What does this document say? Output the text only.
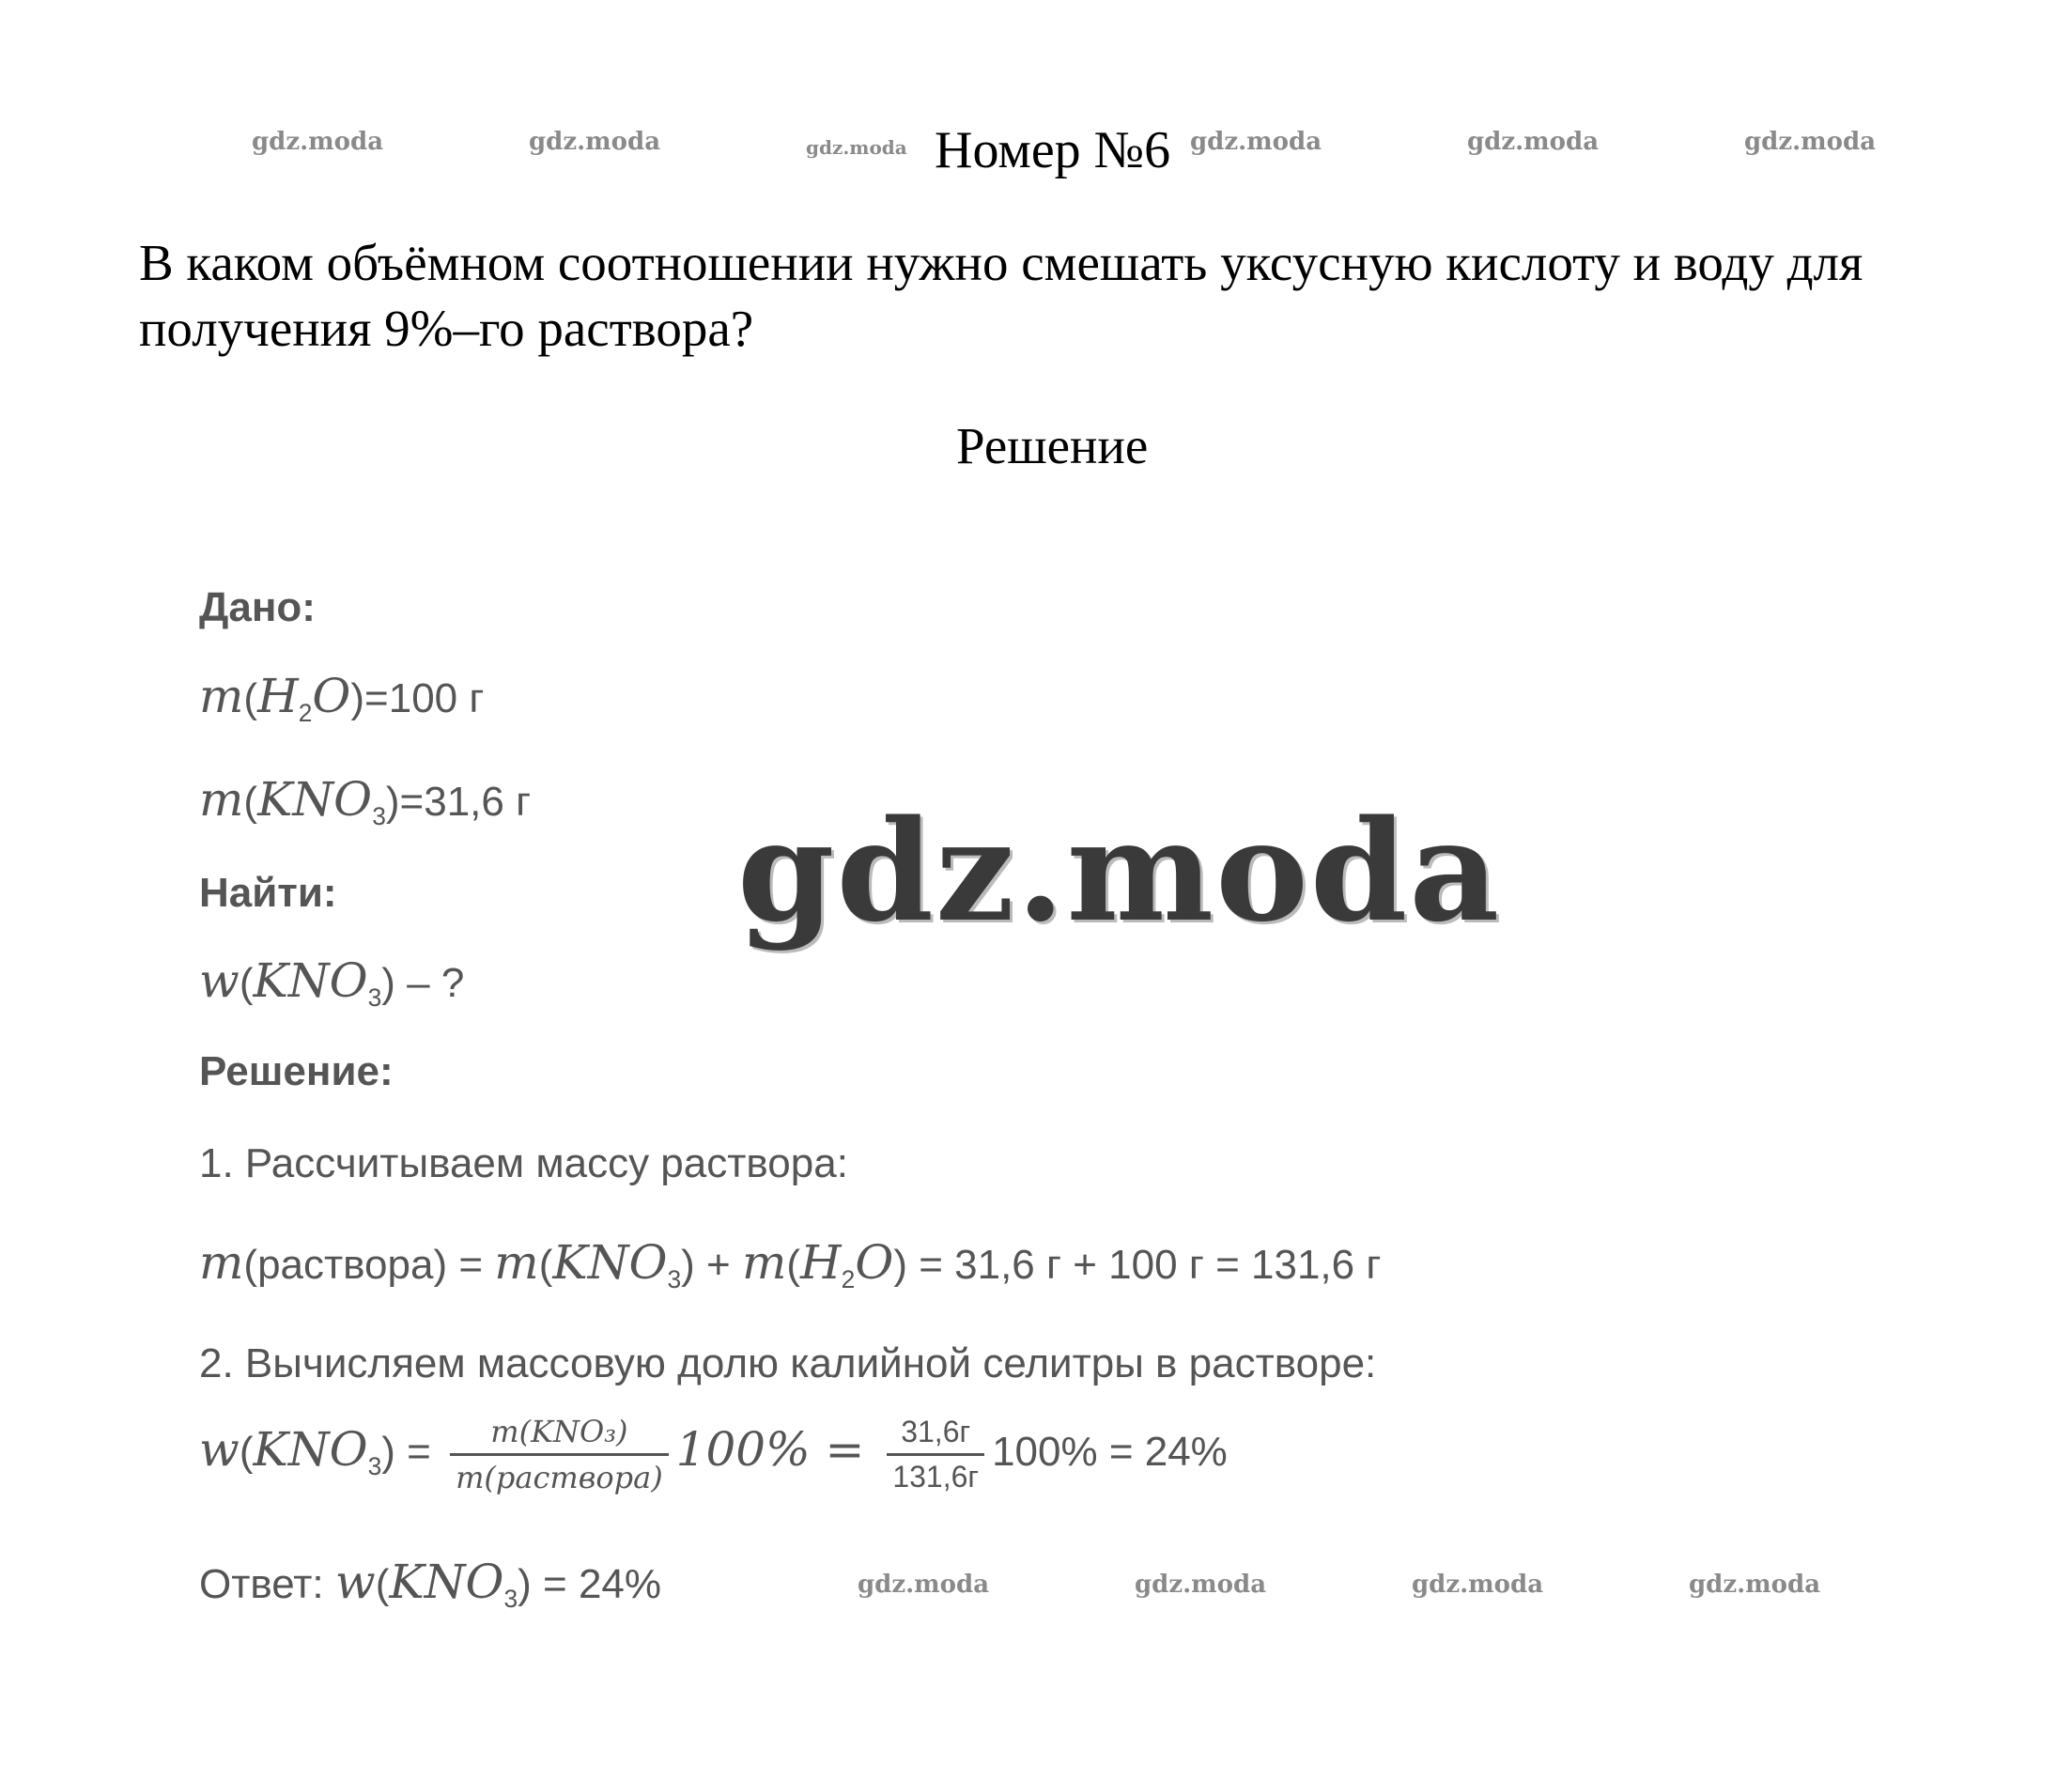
gdz.moda	gdz.moda	gdz.moda	gdz.moda	gdz.moda	gdz.moda
Номер №6
В каком объёмном соотношении нужно смешать уксусную кислоту и воду для получения 9%–го раствора?
Решение
Дано:
$m(H_2O)=100$ г
$m(KNO_3)=31,6$ г
Найти:
$w(KNO_3)$ – ?
Решение:
1. Рассчитываем массу раствора:
m(раствора) = $m(KNO_3) + m(H_2O) = 31,6$ г + 100 г = 131,6 г
2. Вычисляем массовую долю калийной селитры в растворе:
$w(KNO_3) = \frac{\text{m(KNO₃)}}{\text{m(раствора)}} 100\% = \frac{31,6г}{131,6г} 100\% = 24\%$
Ответ: $w(KNO_3) = 24\%$
gdz.moda
gdz.moda	gdz.moda	gdz.moda	gdz.moda
